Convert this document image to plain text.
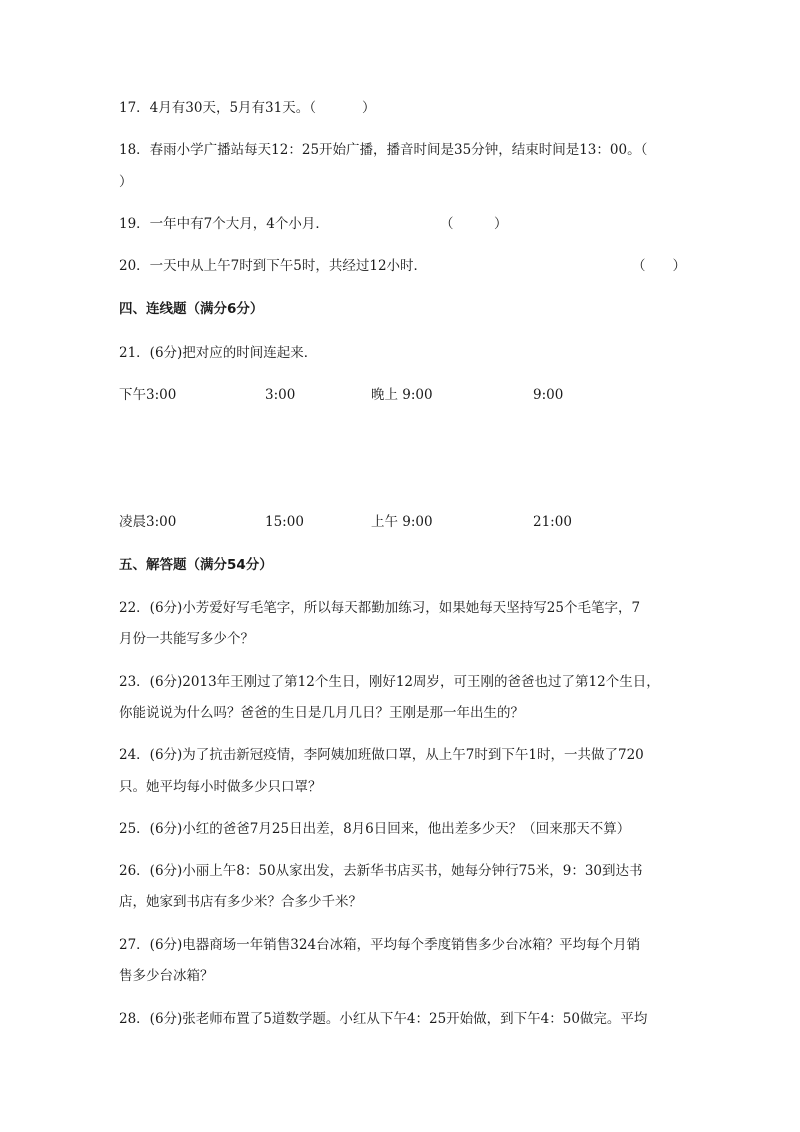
17．4月有30天，5月有31天。（	）
18．春雨小学广播站每天12：25开始广播，播音时间是35分钟，结束时间是13：00。（
）
19．一年中有7个大月，4个小月．	（　　　）
20．一天中从上午7时到下午5时，共经过12小时．	（　　）
四、连线题（满分6分）
21．(6分)把对应的时间连起来．
下午3:00	3:00	晚上 9:00	9:00
凌晨3:00	15:00	上午 9:00	21:00
五、解答题（满分54分）
22．(6分)小芳爱好写毛笔字，所以每天都勤加练习，如果她每天坚持写25个毛笔字，7
月份一共能写多少个？
23．(6分)2013年王刚过了第12个生日，刚好12周岁，可王刚的爸爸也过了第12个生日，
你能说说为什么吗？爸爸的生日是几月几日？王刚是那一年出生的？
24．(6分)为了抗击新冠疫情，李阿姨加班做口罩，从上午7时到下午1时，一共做了720
只。她平均每小时做多少只口罩？
25．(6分)小红的爸爸7月25日出差，8月6日回来，他出差多少天？（回来那天不算）
26．(6分)小丽上午8：50从家出发，去新华书店买书，她每分钟行75米，9：30到达书
店，她家到书店有多少米？合多少千米？
27．(6分)电器商场一年销售324台冰箱，平均每个季度销售多少台冰箱？平均每个月销
售多少台冰箱？
28．(6分)张老师布置了5道数学题。小红从下午4：25开始做，到下午4：50做完。平均
